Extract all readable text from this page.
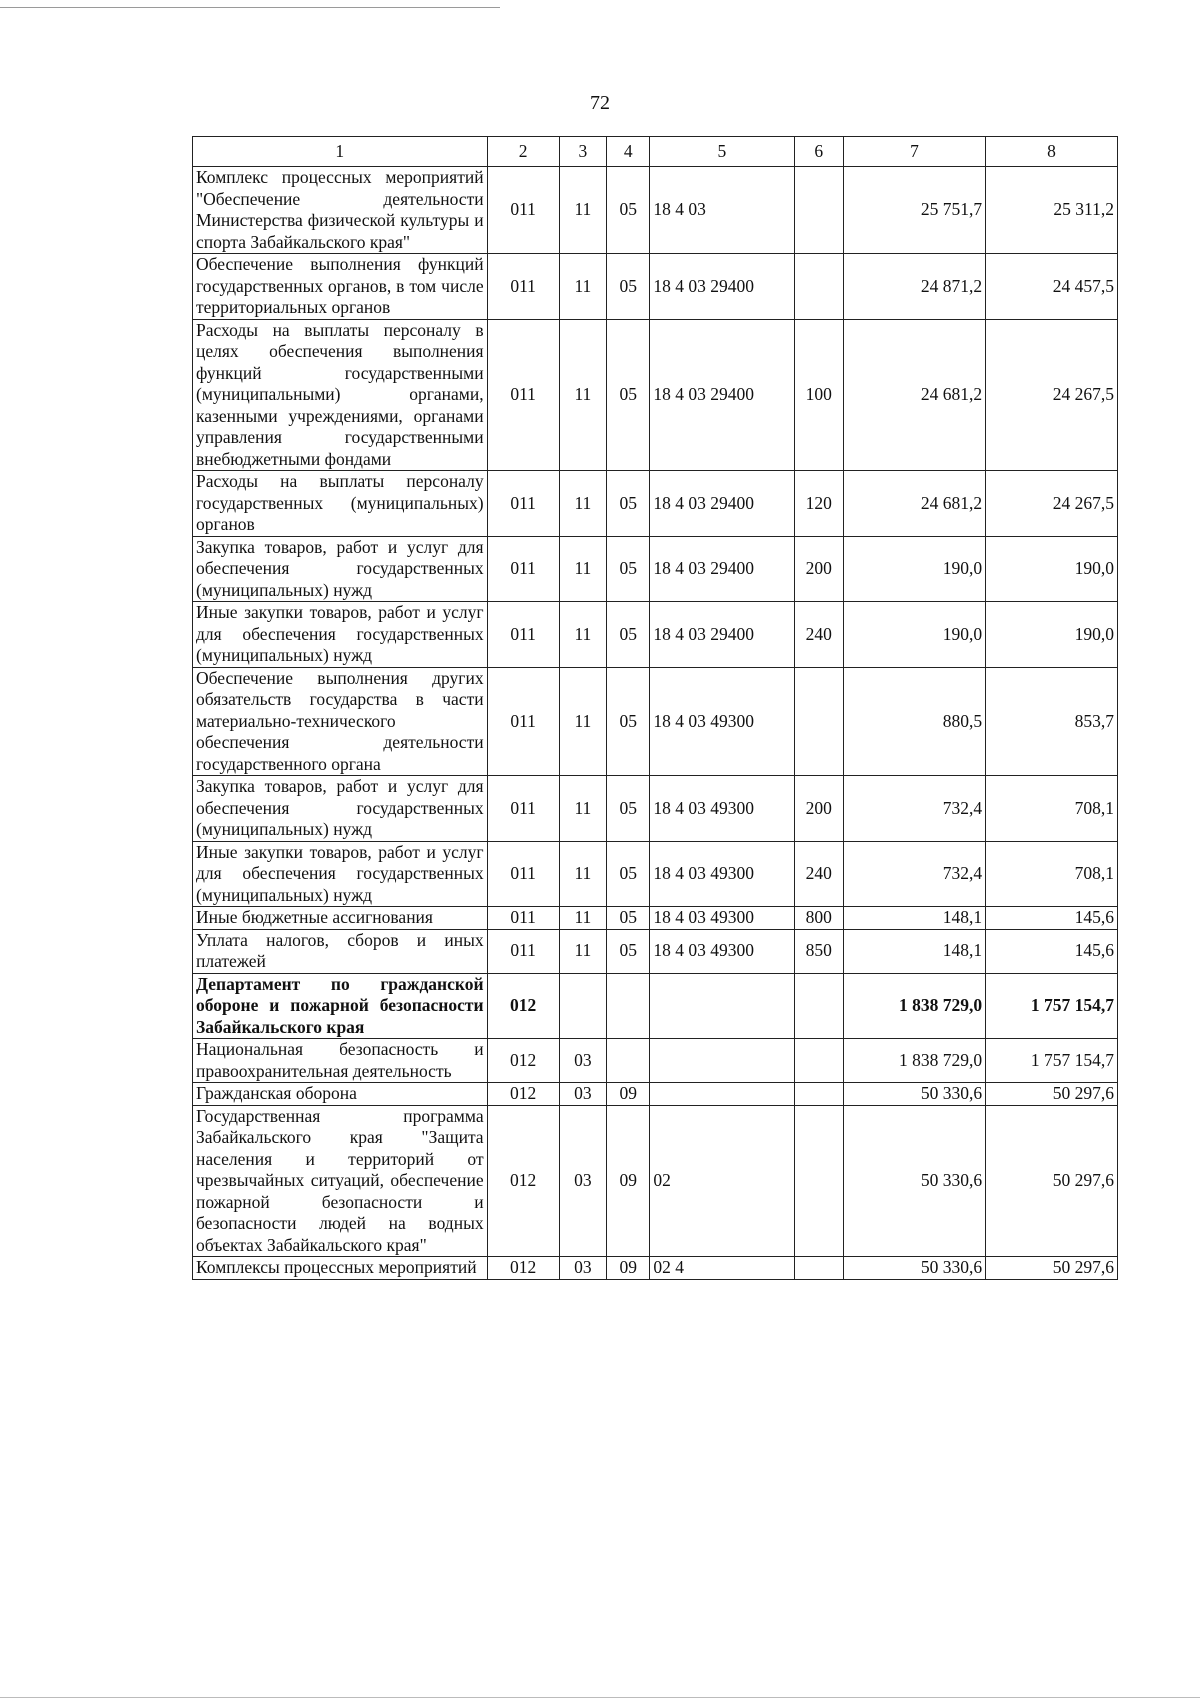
72
1	2	3	4	5	6	7	8
Комплекс процессных мероприятий "Обеспечение деятельности Министерства физической культуры и спорта Забайкальского края"	011	11	05	18 4 03		25 751,7	25 311,2
Обеспечение выполнения функций государственных органов, в том числе территориальных органов	011	11	05	18 4 03 29400		24 871,2	24 457,5
Расходы на выплаты персоналу в целях обеспечения выполнения функций государственными (муниципальными) органами, казенными учреждениями, органами управления государственными внебюджетными фондами	011	11	05	18 4 03 29400	100	24 681,2	24 267,5
Расходы на выплаты персоналу государственных (муниципальных) органов	011	11	05	18 4 03 29400	120	24 681,2	24 267,5
Закупка товаров, работ и услуг для обеспечения государственных (муниципальных) нужд	011	11	05	18 4 03 29400	200	190,0	190,0
Иные закупки товаров, работ и услуг для обеспечения государственных (муниципальных) нужд	011	11	05	18 4 03 29400	240	190,0	190,0
Обеспечение выполнения других обязательств государства в части материально-технического обеспечения деятельности государственного органа	011	11	05	18 4 03 49300		880,5	853,7
Закупка товаров, работ и услуг для обеспечения государственных (муниципальных) нужд	011	11	05	18 4 03 49300	200	732,4	708,1
Иные закупки товаров, работ и услуг для обеспечения государственных (муниципальных) нужд	011	11	05	18 4 03 49300	240	732,4	708,1
Иные бюджетные ассигнования	011	11	05	18 4 03 49300	800	148,1	145,6
Уплата налогов, сборов и иных платежей	011	11	05	18 4 03 49300	850	148,1	145,6
Департамент по гражданской обороне и пожарной безопасности Забайкальского края	012					1 838 729,0	1 757 154,7
Национальная безопасность и правоохранительная деятельность	012	03				1 838 729,0	1 757 154,7
Гражданская оборона	012	03	09			50 330,6	50 297,6
Государственная программа Забайкальского края "Защита населения и территорий от чрезвычайных ситуаций, обеспечение пожарной безопасности и безопасности людей на водных объектах Забайкальского края"	012	03	09	02		50 330,6	50 297,6
Комплексы процессных мероприятий	012	03	09	02 4		50 330,6	50 297,6
